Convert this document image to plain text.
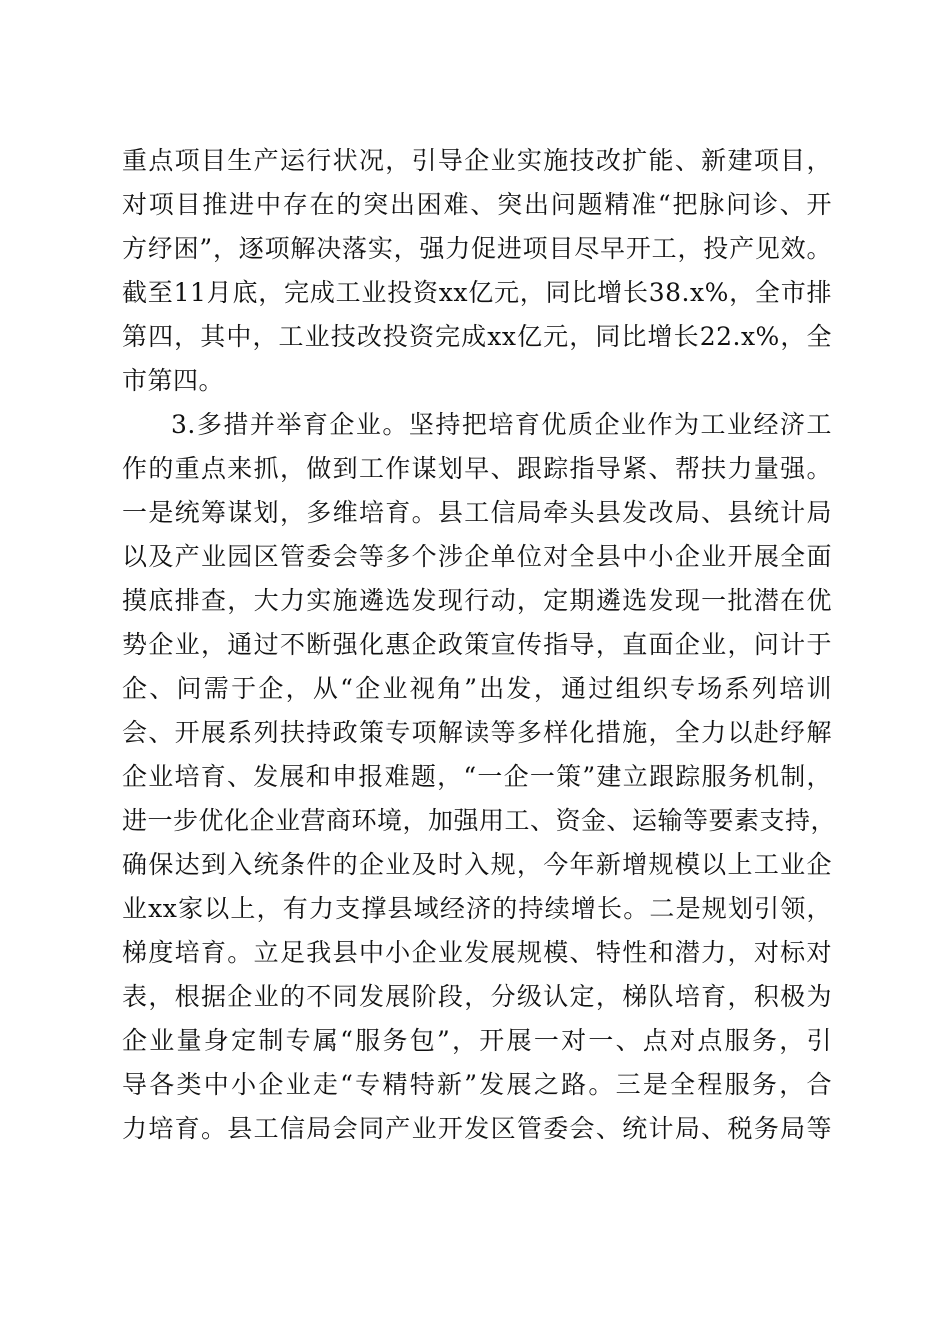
重点项目生产运行状况，引导企业实施技改扩能、新建项目，
对项目推进中存在的突出困难、突出问题精准“把脉问诊、开
方纾困”，逐项解决落实，强力促进项目尽早开工，投产见效。
截至11月底，完成工业投资xx亿元，同比增长38.x%，全市排
第四，其中，工业技改投资完成xx亿元，同比增长22.x%，全
市第四。
3.多措并举育企业。坚持把培育优质企业作为工业经济工
作的重点来抓，做到工作谋划早、跟踪指导紧、帮扶力量强。
一是统筹谋划，多维培育。县工信局牵头县发改局、县统计局
以及产业园区管委会等多个涉企单位对全县中小企业开展全面
摸底排查，大力实施遴选发现行动，定期遴选发现一批潜在优
势企业，通过不断强化惠企政策宣传指导，直面企业，问计于
企、问需于企，从“企业视角”出发，通过组织专场系列培训
会、开展系列扶持政策专项解读等多样化措施，全力以赴纾解
企业培育、发展和申报难题，“一企一策”建立跟踪服务机制，
进一步优化企业营商环境，加强用工、资金、运输等要素支持，
确保达到入统条件的企业及时入规，今年新增规模以上工业企
业xx家以上，有力支撑县域经济的持续增长。二是规划引领，
梯度培育。立足我县中小企业发展规模、特性和潜力，对标对
表，根据企业的不同发展阶段，分级认定，梯队培育，积极为
企业量身定制专属“服务包”，开展一对一、点对点服务，引
导各类中小企业走“专精特新”发展之路。三是全程服务，合
力培育。县工信局会同产业开发区管委会、统计局、税务局等
